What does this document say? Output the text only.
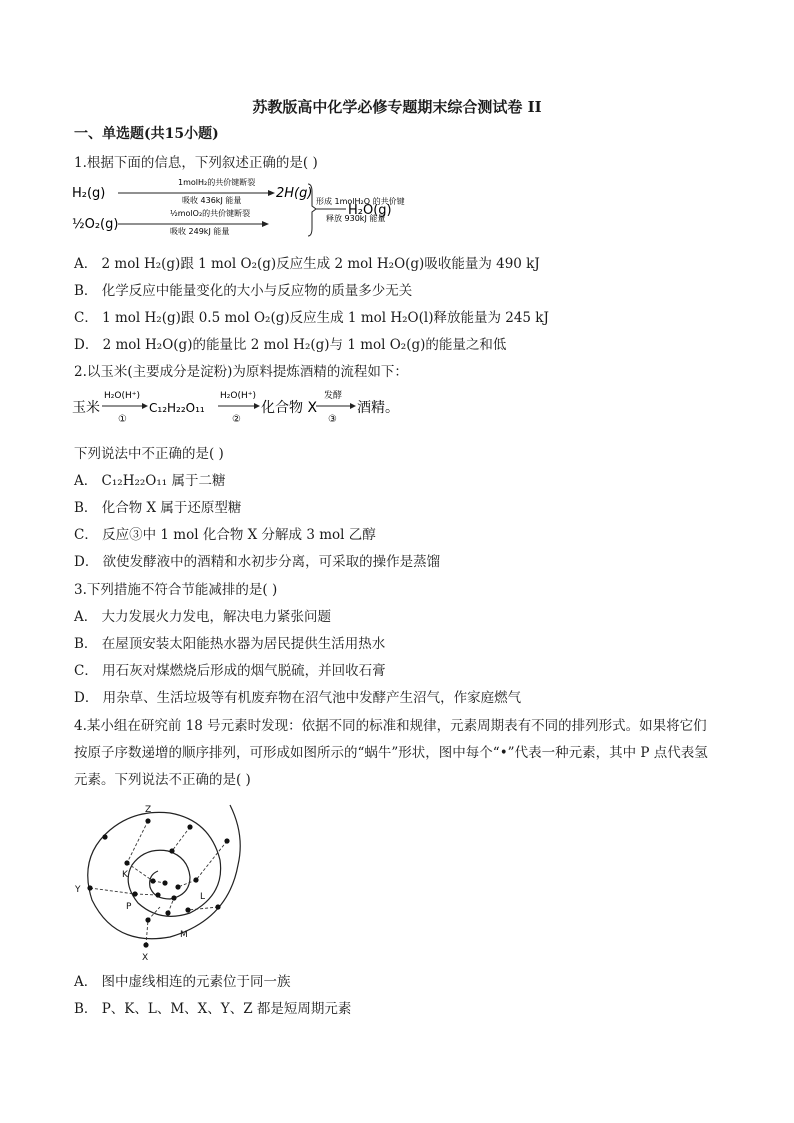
苏教版高中化学必修专题期末综合测试卷 II
一、单选题(共15小题)
1.根据下面的信息，下列叙述正确的是( )
H₂(g)
1molH₂的共价键断裂
吸收 436kJ 能量	2H(g)
½O₂(g)
½molO₂的共价键断裂
吸收 249kJ 能量
形成 1molH₂O 的共价键
释放 930kJ 能量
H₂O(g)
A． 2 mol H₂(g)跟 1 mol O₂(g)反应生成 2 mol H₂O(g)吸收能量为 490 kJ
B． 化学反应中能量变化的大小与反应物的质量多少无关
C． 1 mol H₂(g)跟 0.5 mol O₂(g)反应生成 1 mol H₂O(l)释放能量为 245 kJ
D． 2 mol H₂O(g)的能量比 2 mol H₂(g)与 1 mol O₂(g)的能量之和低
2.以玉米(主要成分是淀粉)为原料提炼酒精的流程如下：
玉米
H₂O(H⁺)
①
C₁₂H₂₂O₁₁
H₂O(H⁺)
②
化合物 X
发酵
③
酒精。
下列说法中不正确的是( )
A． C₁₂H₂₂O₁₁ 属于二糖
B． 化合物 X 属于还原型糖
C． 反应③中 1 mol 化合物 X 分解成 3 mol 乙醇
D． 欲使发酵液中的酒精和水初步分离，可采取的操作是蒸馏
3.下列措施不符合节能减排的是( )
A． 大力发展火力发电，解决电力紧张问题
B． 在屋顶安装太阳能热水器为居民提供生活用热水
C． 用石灰对煤燃烧后形成的烟气脱硫，并回收石膏
D． 用杂草、生活垃圾等有机废弃物在沼气池中发酵产生沼气，作家庭燃气
4.某小组在研究前 18 号元素时发现：依据不同的标准和规律，元素周期表有不同的排列形式。如果将它们
按原子序数递增的顺序排列，可形成如图所示的“蜗牛”形状，图中每个“•”代表一种元素，其中 P 点代表氢
元素。下列说法不正确的是( )
Z
K
Y
P
L
M
X
A． 图中虚线相连的元素位于同一族
B． P、K、L、M、X、Y、Z 都是短周期元素
